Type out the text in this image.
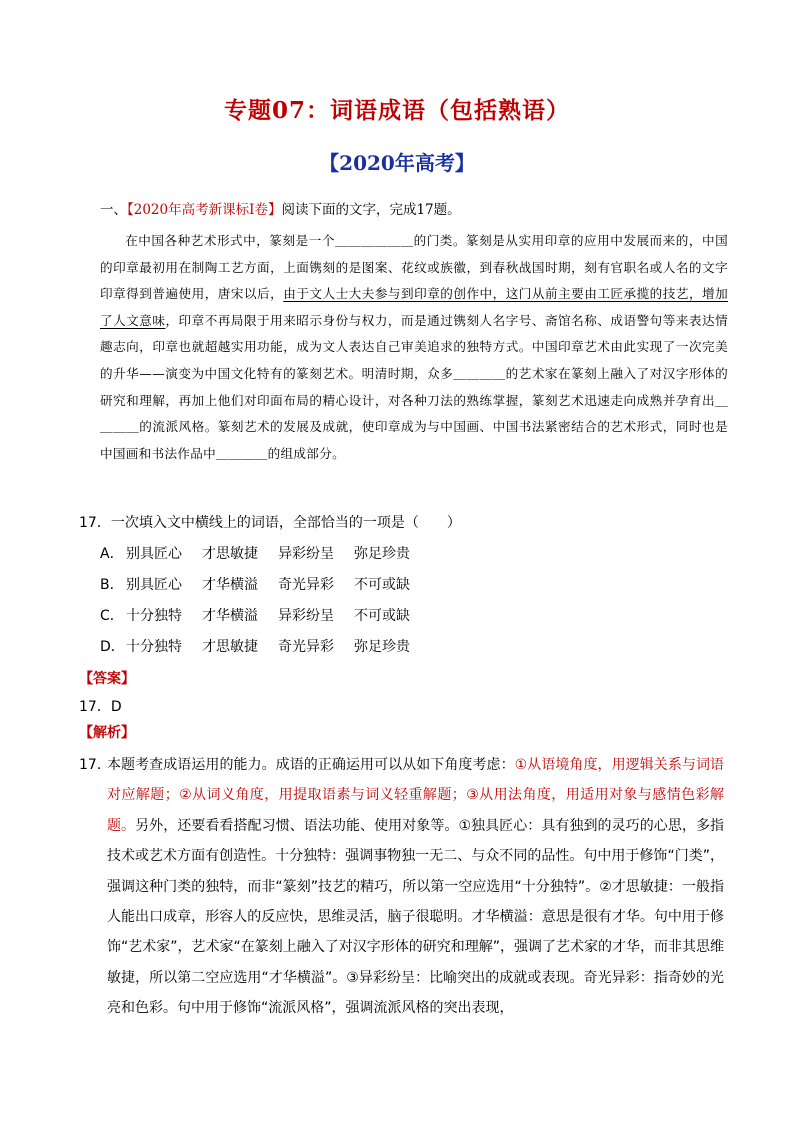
专题07：词语成语（包括熟语）
【2020年高考】
一、【2020年高考新课标Ⅰ卷】阅读下面的文字，完成17题。

在中国各种艺术形式中，篆刻是一个＿＿＿＿＿＿的门类。篆刻是从实用印章的应用中发展而来的，中国的印章最初用在制陶工艺方面，上面镌刻的是图案、花纹或族徽，到春秋战国时期，刻有官职名或人名的文字印章得到普遍使用，唐宋以后，由于文人士大夫参与到印章的创作中，这门从前主要由工匠承揽的技艺，增加了人文意味，印章不再局限于用来昭示身份与权力，而是通过镌刻人名字号、斋馆名称、成语警句等来表达情趣志向，印章也就超越实用功能，成为文人表达自己审美追求的独特方式。中国印章艺术由此实现了一次完美的升华——演变为中国文化特有的篆刻艺术。明清时期，众多＿＿＿＿的艺术家在篆刻上融入了对汉字形体的研究和理解，再加上他们对印面布局的精心设计，对各种刀法的熟练掌握，篆刻艺术迅速走向成熟并孕育出＿＿＿＿的流派风格。篆刻艺术的发展及成就，使印章成为与中国画、中国书法紧密结合的艺术形式，同时也是中国画和书法作品中＿＿＿＿的组成部分。

17．一次填入文中横线上的词语，全部恰当的一项是（　　）
A． 别具匠心 才思敏捷 异彩纷呈 弥足珍贵
B． 别具匠心 才华横溢 奇光异彩 不可或缺
C． 十分独特 才华横溢 异彩纷呈 不可或缺
D． 十分独特 才思敏捷 奇光异彩 弥足珍贵
【答案】
17．D
【解析】
17．
本题考查成语运用的能力。成语的正确运用可以从如下角度考虑：①从语境角度，用逻辑关系与词语对应解题；②从词义角度，用提取语素与词义轻重解题；③从用法角度，用适用对象与感情色彩解题。另外，还要看看搭配习惯、语法功能、使用对象等。①独具匠心：具有独到的灵巧的心思，多指技术或艺术方面有创造性。十分独特：强调事物独一无二、与众不同的品性。句中用于修饰“门类”，强调这种门类的独特，而非“篆刻”技艺的精巧，所以第一空应选用“十分独特”。②才思敏捷：一般指人能出口成章，形容人的反应快，思维灵活，脑子很聪明。才华横溢：意思是很有才华。句中用于修饰“艺术家”，艺术家“在篆刻上融入了对汉字形体的研究和理解”，强调了艺术家的才华，而非其思维敏捷，所以第二空应选用“才华横溢”。③异彩纷呈：比喻突出的成就或表现。奇光异彩：指奇妙的光亮和色彩。句中用于修饰“流派风格”，强调流派风格的突出表现，
